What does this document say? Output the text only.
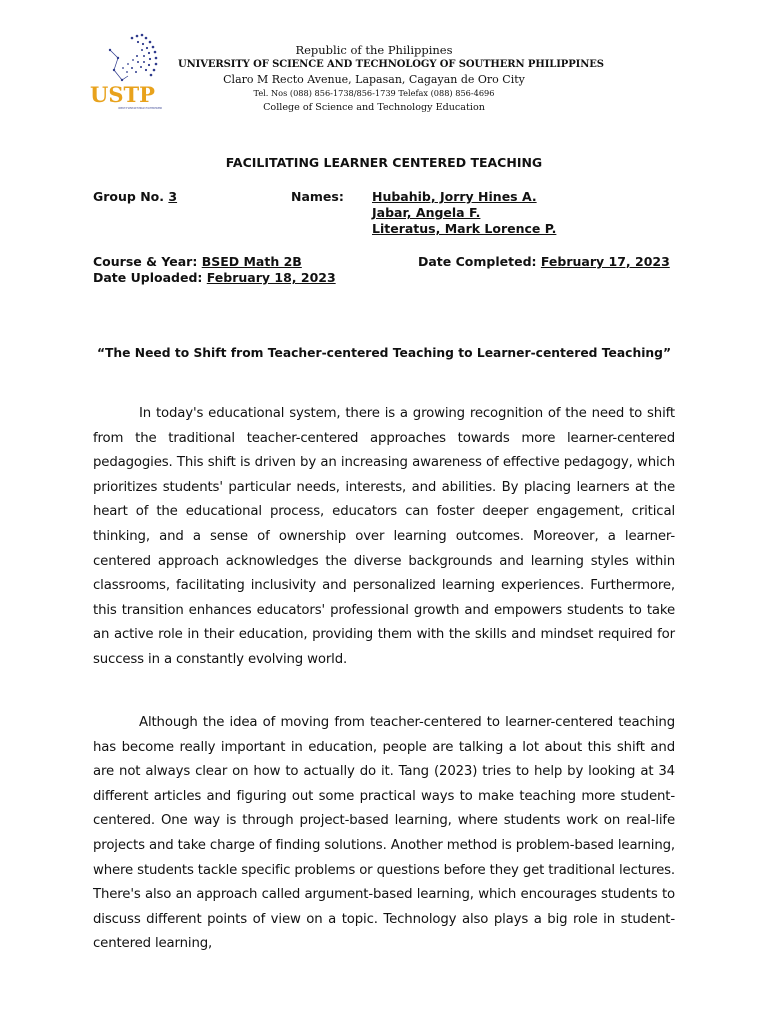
USTP
UNIVERSITY OF SCIENCE AND TECHNOLOGY OF SOUTHERN PHILIPPINES
Republic of the Philippines
UNIVERSITY OF SCIENCE AND TECHNOLOGY OF SOUTHERN PHILIPPINES
Claro M Recto Avenue, Lapasan, Cagayan de Oro City
Tel. Nos (088) 856-1738/856-1739 Telefax (088) 856-4696
College of Science and Technology Education
FACILITATING LEARNER CENTERED TEACHING
Group No. 3	Names: Hubahib, Jorry Hines A.
Jabar, Angela F.
Literatus, Mark Lorence P.
Course & Year: BSED Math 2B	Date Completed: February 17, 2023
Date Uploaded: February 18, 2023
“The Need to Shift from Teacher-centered Teaching to Learner-centered Teaching”

In today's educational system, there is a growing recognition of the need to shift from the traditional teacher-centered approaches towards more learner-centered pedagogies. This shift is driven by an increasing awareness of effective pedagogy, which prioritizes students' particular needs, interests, and abilities. By placing learners at the heart of the educational process, educators can foster deeper engagement, critical thinking, and a sense of ownership over learning outcomes. Moreover, a learner-centered approach acknowledges the diverse backgrounds and learning styles within classrooms, facilitating inclusivity and personalized learning experiences. Furthermore, this transition enhances educators' professional growth and empowers students to take an active role in their education, providing them with the skills and mindset required for success in a constantly evolving world.

Although the idea of moving from teacher-centered to learner-centered teaching has become really important in education, people are talking a lot about this shift and are not always clear on how to actually do it. Tang (2023) tries to help by looking at 34 different articles and figuring out some practical ways to make teaching more student-centered. One way is through project-based learning, where students work on real-life projects and take charge of finding solutions. Another method is problem-based learning, where students tackle specific problems or questions before they get traditional lectures. There's also an approach called argument-based learning, which encourages students to discuss different points of view on a topic. Technology also plays a big role in student-centered learning,
